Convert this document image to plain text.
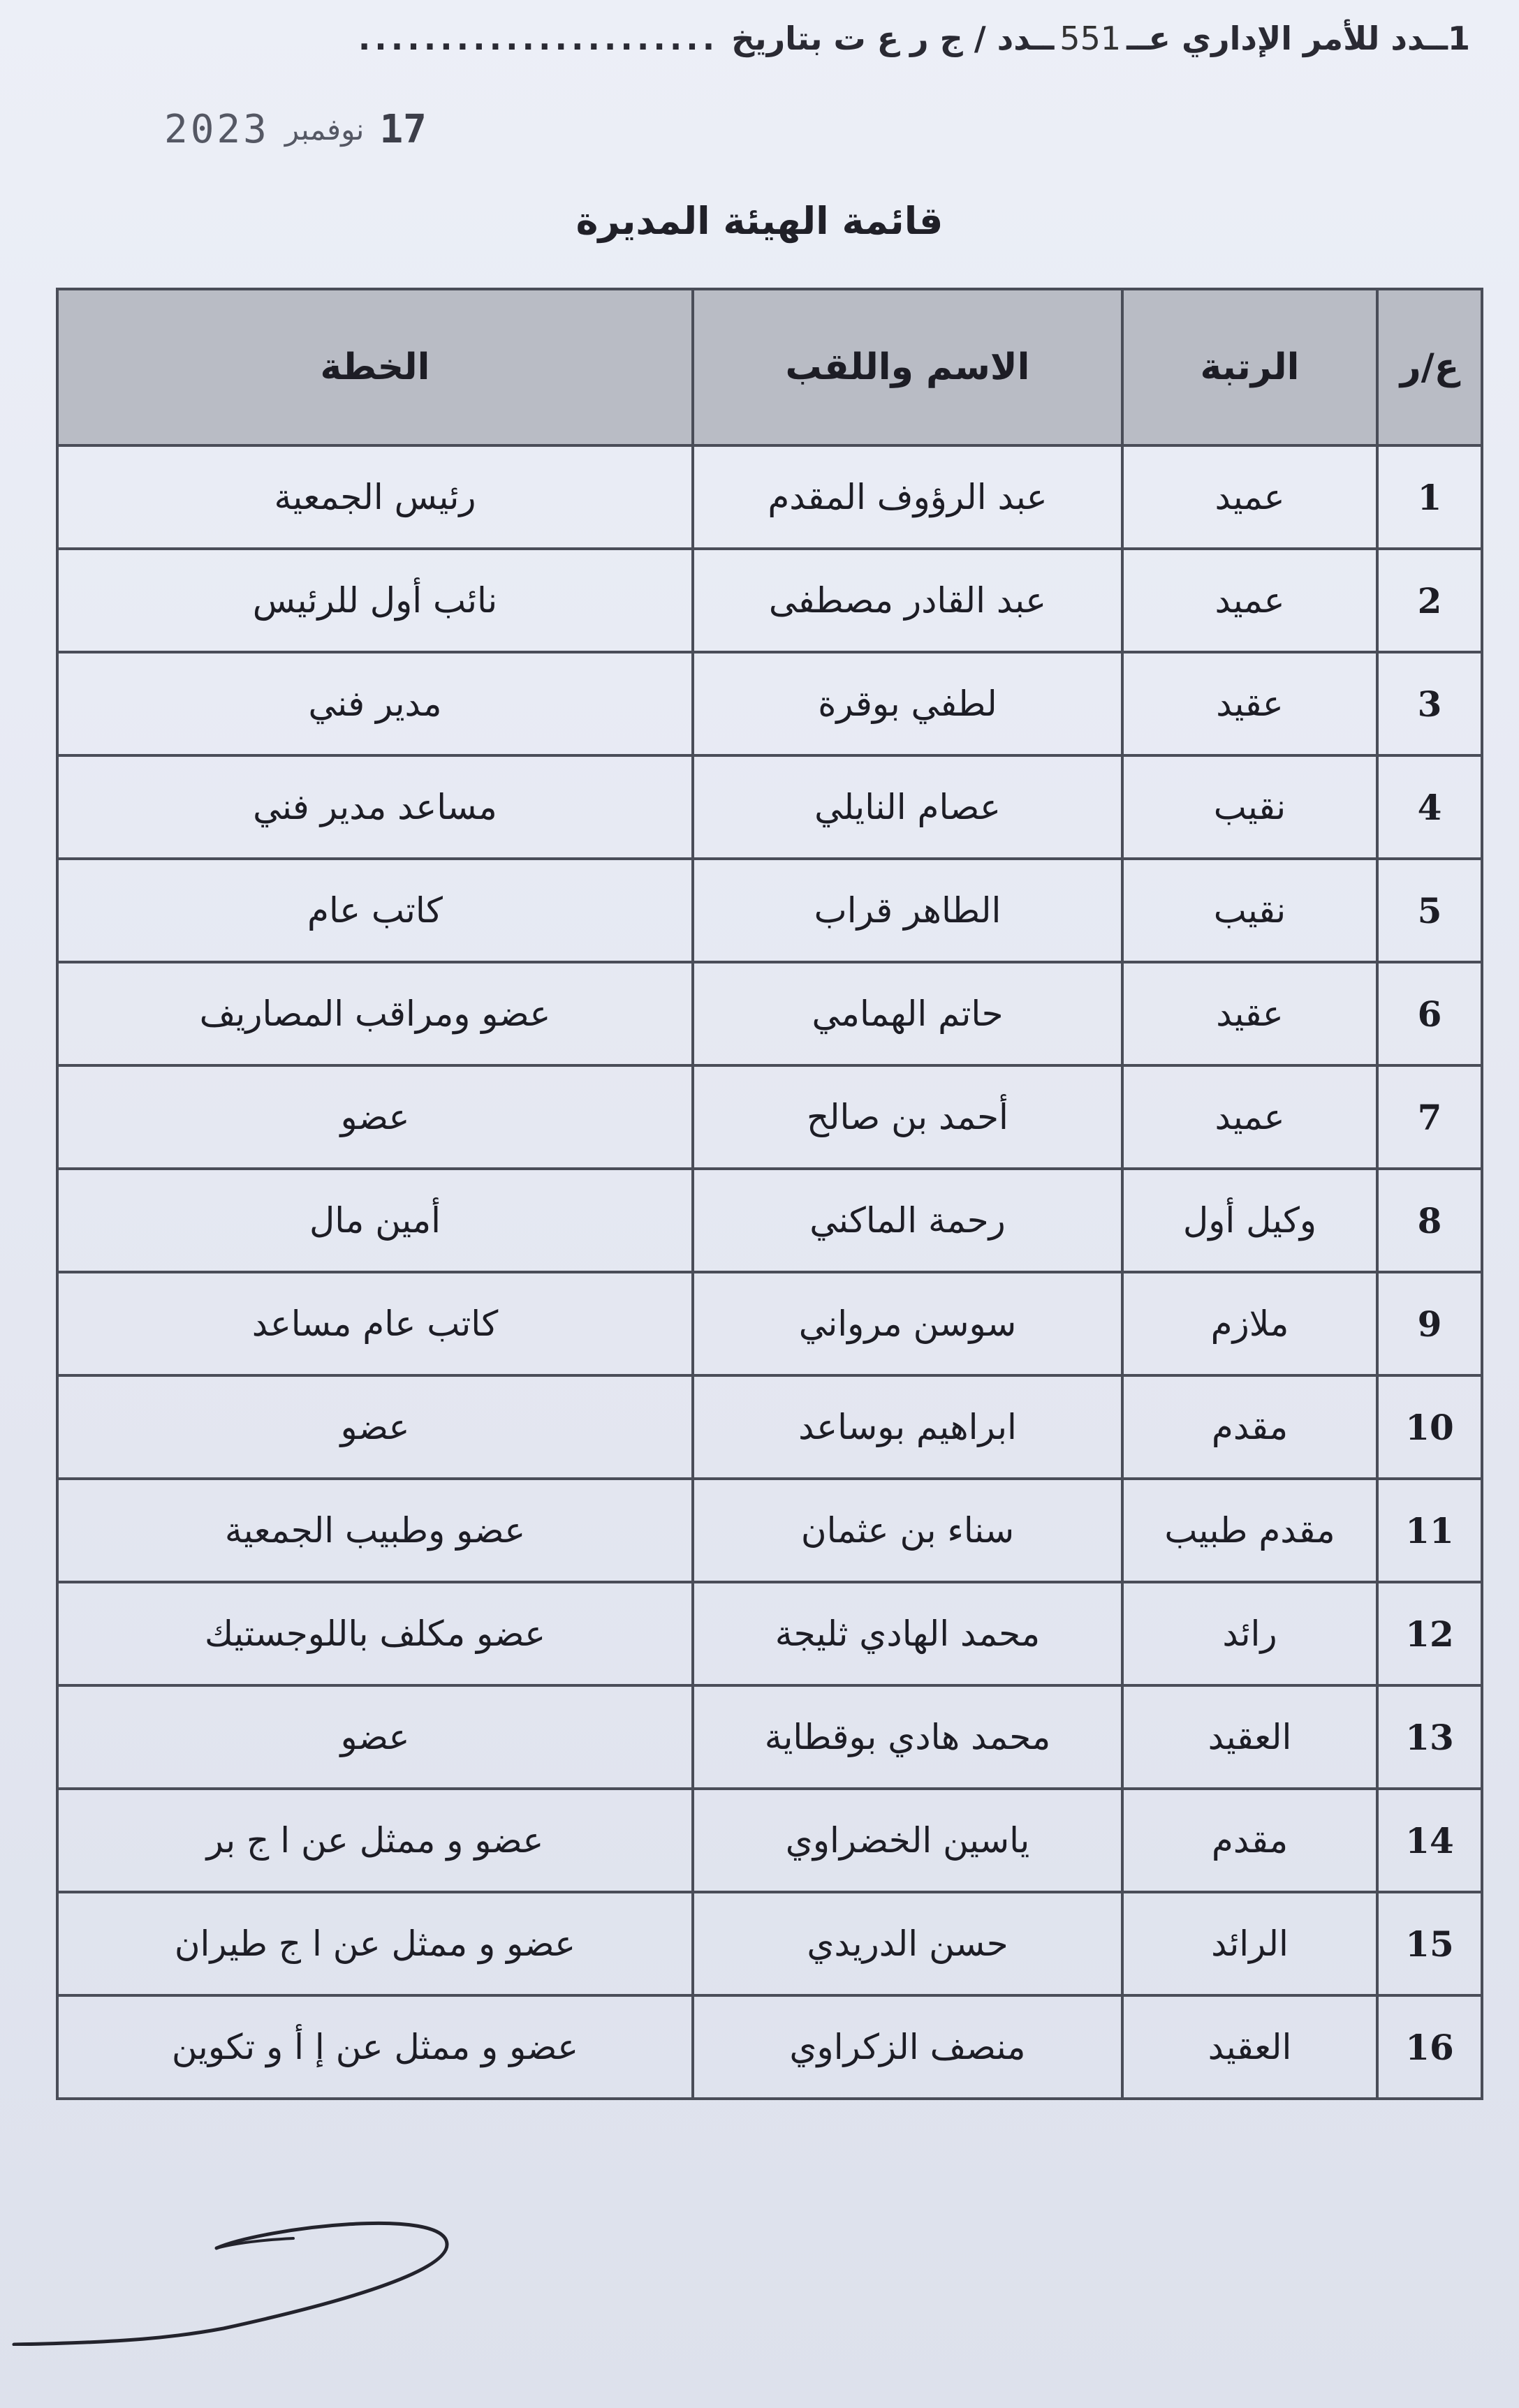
1
ــدد للأمر الإداري عــ
551
ــدد / ج ر ع ت بتاريخ
......................
2023 نوفمبر 17
قائمة الهيئة المديرة
ع/ر	الرتبة	الاسم واللقب	الخطة
1	عميد	عبد الرؤوف المقدم	رئيس الجمعية
2	عميد	عبد القادر مصطفى	نائب أول للرئيس
3	عقيد	لطفي بوقرة	مدير فني
4	نقيب	عصام النايلي	مساعد مدير فني
5	نقيب	الطاهر قراب	كاتب عام
6	عقيد	حاتم الهمامي	عضو ومراقب المصاريف
7	عميد	أحمد بن صالح	عضو
8	وكيل أول	رحمة الماكني	أمين مال
9	ملازم	سوسن مرواني	كاتب عام مساعد
10	مقدم	ابراهيم بوساعد	عضو
11	مقدم طبيب	سناء بن عثمان	عضو وطبيب الجمعية
12	رائد	محمد الهادي ثليجة	عضو مكلف باللوجستيك
13	العقيد	محمد هادي بوقطاية	عضو
14	مقدم	ياسين الخضراوي	عضو و ممثل عن ا ج بر
15	الرائد	حسن الدريدي	عضو و ممثل عن ا ج طيران
16	العقيد	منصف الزكراوي	عضو و ممثل عن إ أ و تكوين
